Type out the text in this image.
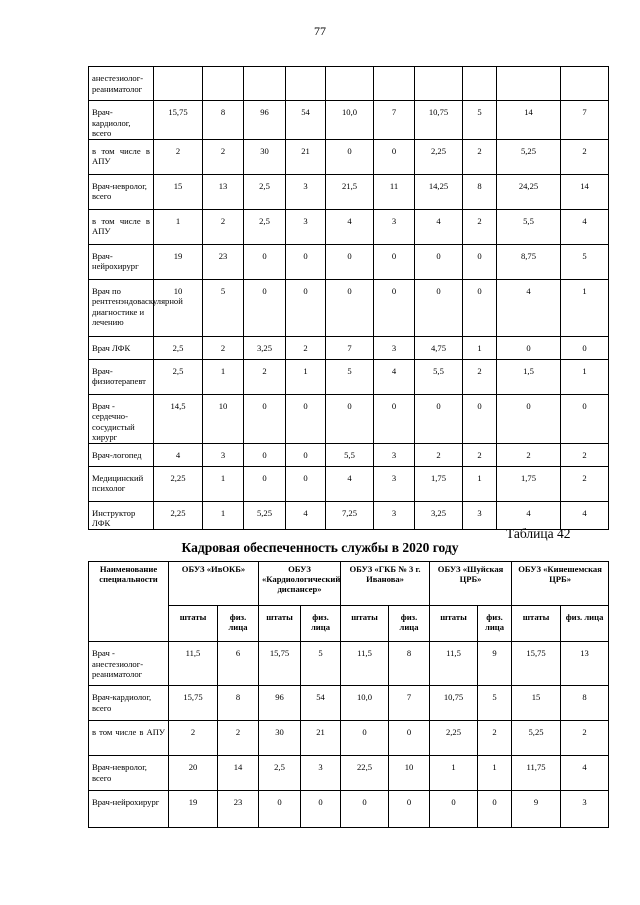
77
анестезиолог-реаниматолог										
Врач-кардиолог, всего	15,75	8	96	54	10,0	7	10,75	5	14	7

в том числе в АПУ	2	2	30	21	0	0	2,25	2	5,25	2
Врач-невролог, всего	15	13	2,5	3	21,5	11	14,25	8	24,25	14

в том числе в АПУ	1	2	2,5	3	4	3	4	2	5,5	4
Врач-нейрохирург	19	23	0	0	0	0	0	0	8,75	5
Врач по рентгенэндоваскулярной диагностике и лечению	10	5	0	0	0	0	0	0	4	1
Врач ЛФК	2,5	2	3,25	2	7	3	4,75	1	0	0
Врач-физиотерапевт	2,5	1	2	1	5	4	5,5	2	1,5	1
Врач - сердечно-сосудистый хирург	14,5	10	0	0	0	0	0	0	0	0
Врач-логопед	4	3	0	0	5,5	3	2	2	2	2
Медицинский психолог	2,25	1	0	0	4	3	1,75	1	1,75	2
Инструктор ЛФК	2,25	1	5,25	4	7,25	3	3,25	3	4	4
Таблица 42
Кадровая обеспеченность службы в 2020 году
Наименование специальности	ОБУЗ «ИвОКБ»		ОБУЗ «Кардиологический диспансер»		ОБУЗ «ГКБ № 3 г. Иванова»		ОБУЗ «Шуйская ЦРБ»		ОБУЗ «Кинешемская ЦРБ»	
	штаты	физ. лица	штаты	физ. лица	штаты	физ. лица	штаты	физ. лица	штаты	физ. лица
Врач - анестезиолог-реаниматолог	11,5	6	15,75	5	11,5	8	11,5	9	15,75	13
Врач-кардиолог, всего	15,75	8	96	54	10,0	7	10,75	5	15	8

в том числе в АПУ	2	2	30	21	0	0	2,25	2	5,25	2
Врач-невролог, всего	20	14	2,5	3	22,5	10	1	1	11,75	4
Врач-нейрохирург	19	23	0	0	0	0	0	0	9	3
